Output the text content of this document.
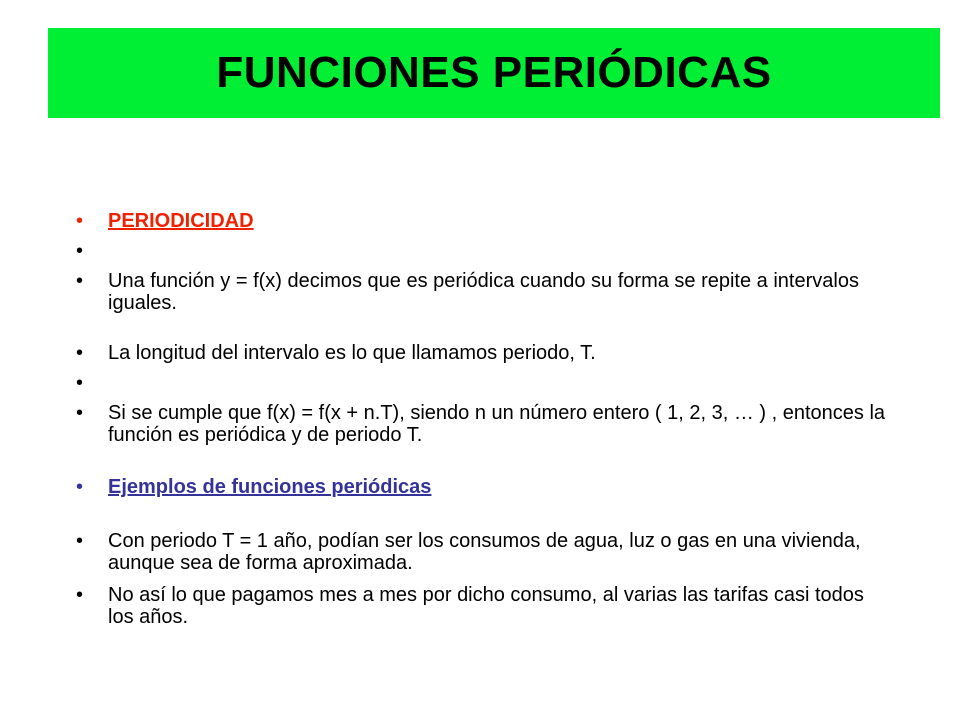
FUNCIONES PERIÓDICAS
• PERIODICIDAD
•
• Una función y = f(x) decimos que es periódica cuando su forma se repite a intervalos iguales.
• La longitud del intervalo es lo que llamamos periodo, T.
•
• Si se cumple que f(x) = f(x + n.T), siendo n un número entero ( 1, 2, 3, … ) , entonces la función es periódica y de periodo T.
• Ejemplos de funciones periódicas
• Con periodo T = 1 año, podían ser los consumos de agua, luz o gas en una vivienda, aunque sea de forma aproximada.
• No así lo que pagamos mes a mes por dicho consumo, al varias las tarifas casi todos los años.
